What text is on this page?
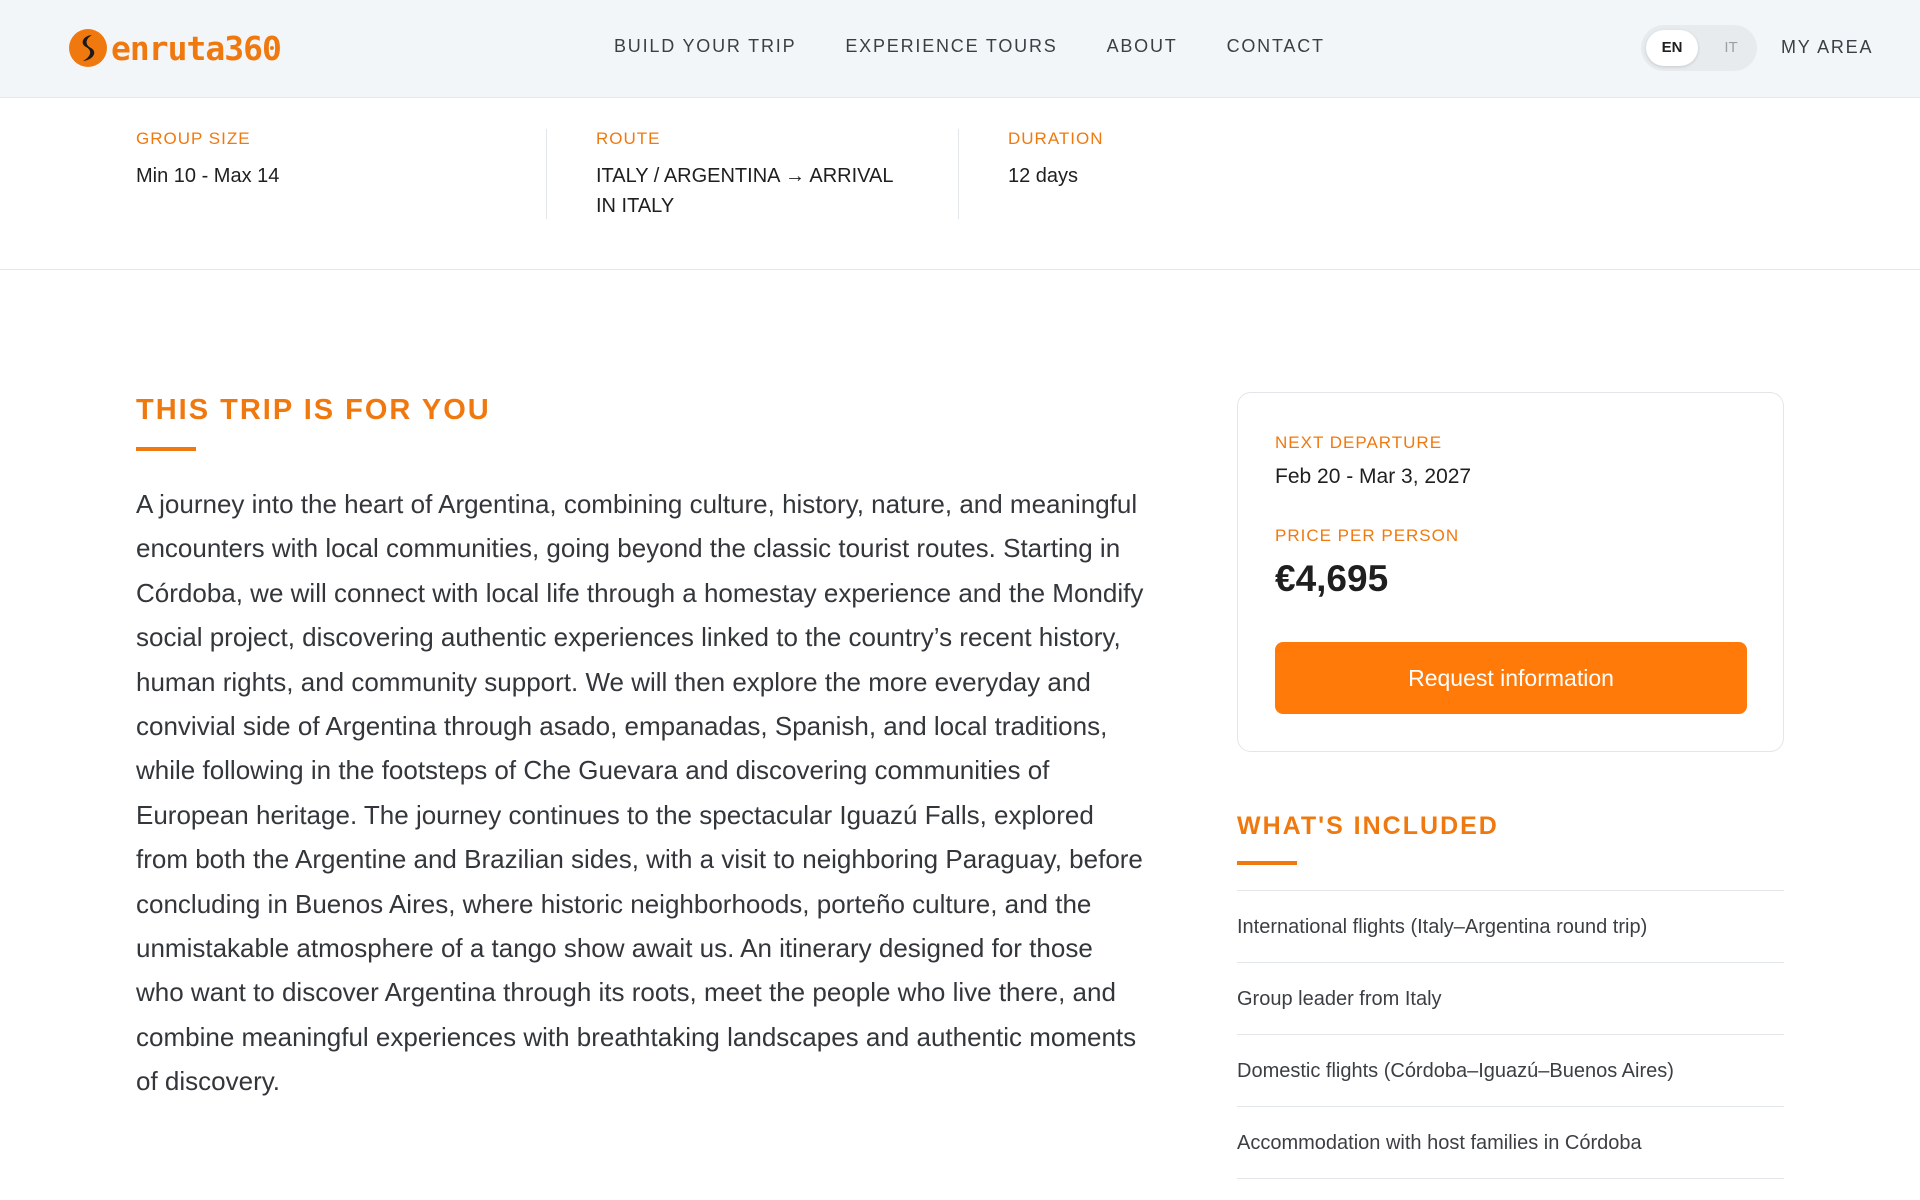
enruta360	BUILD YOUR TRIP	EXPERIENCE TOURS	ABOUT	CONTACT	EN	IT	MY AREA
GROUP SIZE
Min 10 - Max 14
ROUTE
ITALY / ARGENTINA → ARRIVAL
IN ITALY
DURATION
12 days
THIS TRIP IS FOR YOU

A journey into the heart of Argentina, combining culture, history, nature, and meaningful encounters with local communities, going beyond the classic tourist routes. Starting in Córdoba, we will connect with local life through a homestay experience and the Mondify social project, discovering authentic experiences linked to the country’s recent history, human rights, and community support. We will then explore the more everyday and convivial side of Argentina through asado, empanadas, Spanish, and local traditions, while following in the footsteps of Che Guevara and discovering communities of European heritage. The journey continues to the spectacular Iguazú Falls, explored from both the Argentine and Brazilian sides, with a visit to neighboring Paraguay, before concluding in Buenos Aires, where historic neighborhoods, porteño culture, and the unmistakable atmosphere of a tango show await us. An itinerary designed for those who want to discover Argentina through its roots, meet the people who live there, and combine meaningful experiences with breathtaking landscapes and authentic moments of discovery.

NEXT DEPARTURE
Feb 20 - Mar 3, 2027
PRICE PER PERSON
€4,695
Request information
WHAT'S INCLUDED
International flights (Italy–Argentina round trip)
Group leader from Italy
Domestic flights (Córdoba–Iguazú–Buenos Aires)
Accommodation with host families in Córdoba
